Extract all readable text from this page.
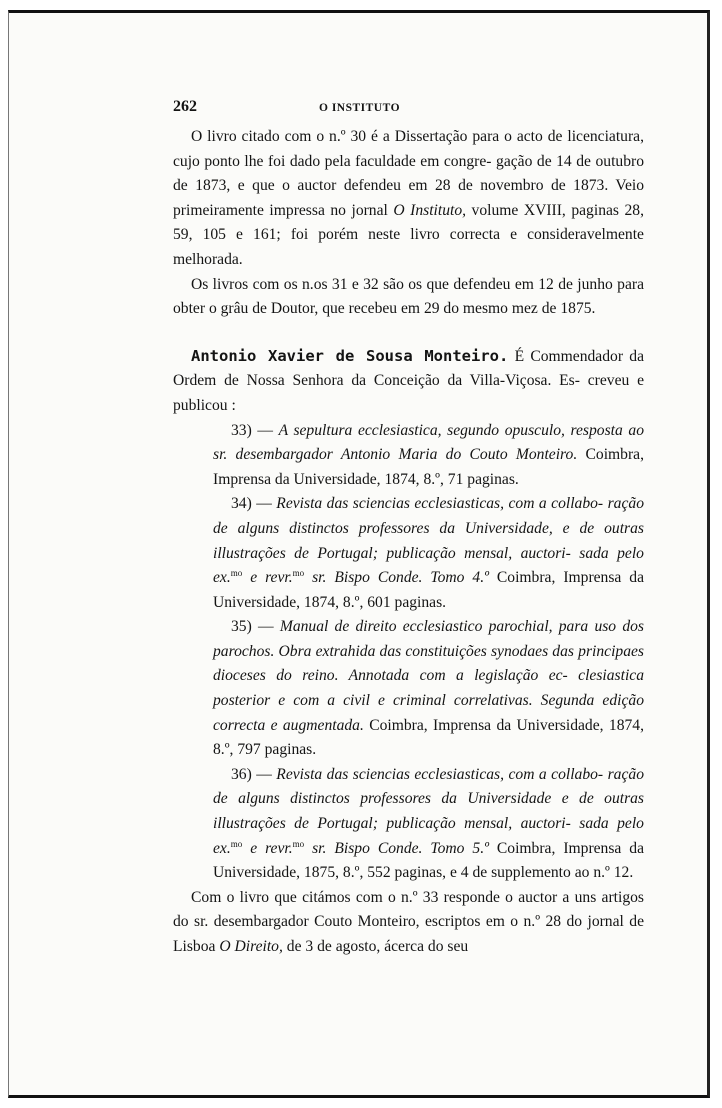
262	O INSTITUTO

O livro citado com o n.º 30 é a Dissertação para o acto de licenciatura, cujo ponto lhe foi dado pela faculdade em congre- gação de 14 de outubro de 1873, e que o auctor defendeu em 28 de novembro de 1873. Veio primeiramente impressa no jornal O Instituto, volume XVIII, paginas 28, 59, 105 e 161; foi porém neste livro correcta e consideravelmente melhorada.

Os livros com os n.os 31 e 32 são os que defendeu em 12 de junho para obter o grâu de Doutor, que recebeu em 29 do mesmo mez de 1875.

Antonio Xavier de Sousa Monteiro. É Commendador da Ordem de Nossa Senhora da Conceição da Villa-Viçosa. Es- creveu e publicou :

33) — A sepultura ecclesiastica, segundo opusculo, resposta ao sr. desembargador Antonio Maria do Couto Monteiro. Coimbra, Imprensa da Universidade, 1874, 8.º, 71 paginas.

34) — Revista das sciencias ecclesiasticas, com a collabo- ração de alguns distinctos professores da Universidade, e de outras illustrações de Portugal; publicação mensal, auctori- sada pelo ex.$^{mo}$ e revr.$^{mo}$ sr. Bispo Conde. Tomo 4.º Coimbra, Imprensa da Universidade, 1874, 8.º, 601 paginas.

35) — Manual de direito ecclesiastico parochial, para uso dos parochos. Obra extrahida das constituições synodaes das principaes dioceses do reino. Annotada com a legislação ec- clesiastica posterior e com a civil e criminal correlativas. Segunda edição correcta e augmentada. Coimbra, Imprensa da Universidade, 1874, 8.º, 797 paginas.

36) — Revista das sciencias ecclesiasticas, com a collabo- ração de alguns distinctos professores da Universidade e de outras illustrações de Portugal; publicação mensal, auctori- sada pelo ex.$^{mo}$ e revr.$^{mo}$ sr. Bispo Conde. Tomo 5.º Coimbra, Imprensa da Universidade, 1875, 8.º, 552 paginas, e 4 de supplemento ao n.º 12.

Com o livro que citámos com o n.º 33 responde o auctor a uns artigos do sr. desembargador Couto Monteiro, escriptos em o n.º 28 do jornal de Lisboa O Direito, de 3 de agosto, ácerca do seu
